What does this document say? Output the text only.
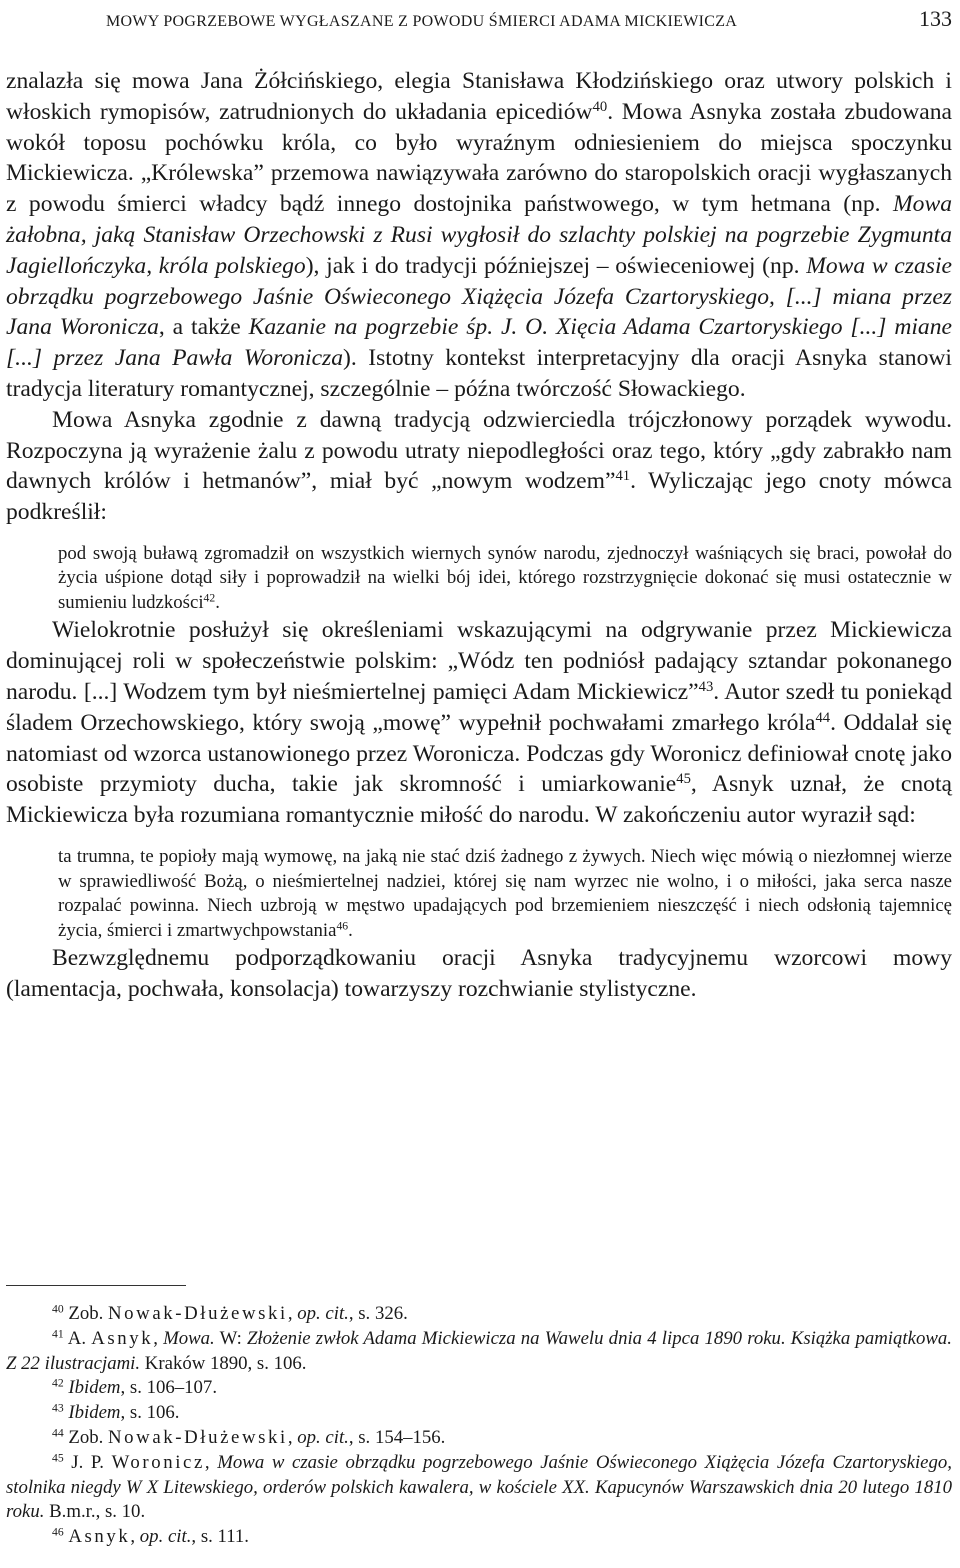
MOWY POGRZEBOWE WYGŁASZANE Z POWODU ŚMIERCI ADAMA MICKIEWICZA	133

znalazła się mowa Jana Żółcińskiego, elegia Stanisława Kłodzińskiego oraz utwory polskich i włoskich rymopisów, zatrudnionych do układania epicediów$^{40}$. Mowa Asnyka została zbudowana wokół toposu pochówku króla, co było wyraźnym odniesieniem do miejsca spoczynku Mickiewicza. „Królewska” przemowa nawiązywała zarówno do staropolskich oracji wygłaszanych z powodu śmierci władcy bądź innego dostojnika państwowego, w tym hetmana (np. Mowa żałobna, jaką Stanisław Orzechowski z Rusi wygłosił do szlachty polskiej na pogrzebie Zygmunta Jagiellończyka, króla polskiego), jak i do tradycji późniejszej – oświeceniowej (np. Mowa w czasie obrządku pogrzebowego Jaśnie Oświeconego Xiążęcia Józefa Czartoryskiego, [...] miana przez Jana Woronicza, a także Kazanie na pogrzebie śp. J. O. Xięcia Adama Czartoryskiego [...] miane [...] przez Jana Pawła Woronicza). Istotny kontekst interpretacyjny dla oracji Asnyka stanowi tradycja literatury romantycznej, szczególnie – późna twórczość Słowackiego.

Mowa Asnyka zgodnie z dawną tradycją odzwierciedla trójczłonowy porządek wywodu. Rozpoczyna ją wyrażenie żalu z powodu utraty niepodległości oraz tego, który „gdy zabrakło nam dawnych królów i hetmanów”, miał być „nowym wodzem”$^{41}$. Wyliczając jego cnoty mówca podkreślił:

pod swoją buławą zgromadził on wszystkich wiernych synów narodu, zjednoczył waśniących się braci, powołał do życia uśpione dotąd siły i poprowadził na wielki bój idei, którego rozstrzygnięcie dokonać się musi ostatecznie w sumieniu ludzkości$^{42}$.

Wielokrotnie posłużył się określeniami wskazującymi na odgrywanie przez Mickiewicza dominującej roli w społeczeństwie polskim: „Wódz ten podniósł padający sztandar pokonanego narodu. [...] Wodzem tym był nieśmiertelnej pamięci Adam Mickiewicz”$^{43}$. Autor szedł tu poniekąd śladem Orzechowskiego, który swoją „mowę” wypełnił pochwałami zmarłego króla$^{44}$. Oddalał się natomiast od wzorca ustanowionego przez Woronicza. Podczas gdy Woronicz definiował cnotę jako osobiste przymioty ducha, takie jak skromność i umiarkowanie$^{45}$, Asnyk uznał, że cnotą Mickiewicza była rozumiana romantycznie miłość do narodu. W zakończeniu autor wyraził sąd:

ta trumna, te popioły mają wymowę, na jaką nie stać dziś żadnego z żywych. Niech więc mówią o niezłomnej wierze w sprawiedliwość Bożą, o nieśmiertelnej nadziei, której się nam wyrzec nie wolno, i o miłości, jaka serca nasze rozpalać powinna. Niech uzbroją w męstwo upadających pod brzemieniem nieszczęść i niech odsłonią tajemnicę życia, śmierci i zmartwychpowstania$^{46}$.

Bezwzględnemu podporządkowaniu oracji Asnyka tradycyjnemu wzorcowi mowy (lamentacja, pochwała, konsolacja) towarzyszy rozchwianie stylistyczne.

$^{40}$ Zob. Nowak-Dłużewski, op. cit., s. 326.

$^{41}$ A. Asnyk, Mowa. W: Złożenie zwłok Adama Mickiewicza na Wawelu dnia 4 lipca 1890 roku. Książka pamiątkowa. Z 22 ilustracjami. Kraków 1890, s. 106.

$^{42}$ Ibidem, s. 106–107.

$^{43}$ Ibidem, s. 106.

$^{44}$ Zob. Nowak-Dłużewski, op. cit., s. 154–156.

$^{45}$ J. P. Woronicz, Mowa w czasie obrządku pogrzebowego Jaśnie Oświeconego Xiążęcia Józefa Czartoryskiego, stolnika niegdy W X Litewskiego, orderów polskich kawalera, w kościele XX. Kapucynów Warszawskich dnia 20 lutego 1810 roku. B.m.r., s. 10.

$^{46}$ Asnyk, op. cit., s. 111.
